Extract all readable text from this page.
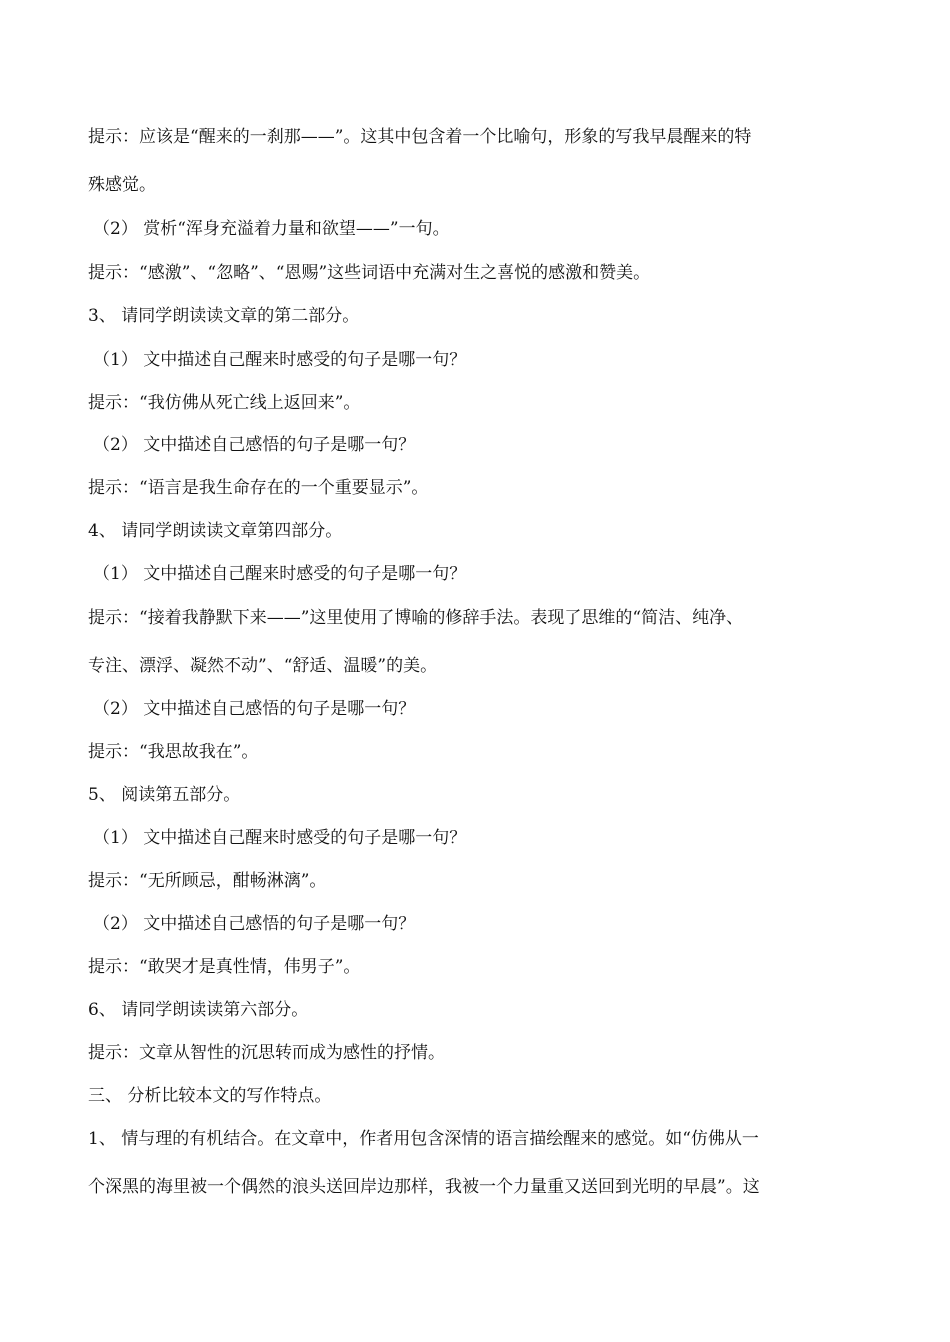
提示：应该是“醒来的一刹那——”。这其中包含着一个比喻句，形象的写我早晨醒来的特
殊感觉。
（2） 赏析“浑身充溢着力量和欲望——”一句。
提示：“感激”、“忽略”、“恩赐”这些词语中充满对生之喜悦的感激和赞美。
3、 请同学朗读读文章的第二部分。
（1） 文中描述自己醒来时感受的句子是哪一句？
提示：“我仿佛从死亡线上返回来”。
（2） 文中描述自己感悟的句子是哪一句？
提示：“语言是我生命存在的一个重要显示”。
4、 请同学朗读读文章第四部分。
（1） 文中描述自己醒来时感受的句子是哪一句？
提示：“接着我静默下来——”这里使用了博喻的修辞手法。表现了思维的“简洁、纯净、
专注、漂浮、凝然不动”、“舒适、温暖”的美。
（2） 文中描述自己感悟的句子是哪一句？
提示：“我思故我在”。
5、 阅读第五部分。
（1） 文中描述自己醒来时感受的句子是哪一句？
提示：“无所顾忌，酣畅淋漓”。
（2） 文中描述自己感悟的句子是哪一句？
提示：“敢哭才是真性情，伟男子”。
6、 请同学朗读读第六部分。
提示：文章从智性的沉思转而成为感性的抒情。
三、 分析比较本文的写作特点。
1、 情与理的有机结合。在文章中，作者用包含深情的语言描绘醒来的感觉。如“仿佛从一
个深黑的海里被一个偶然的浪头送回岸边那样，我被一个力量重又送回到光明的早晨”。这
